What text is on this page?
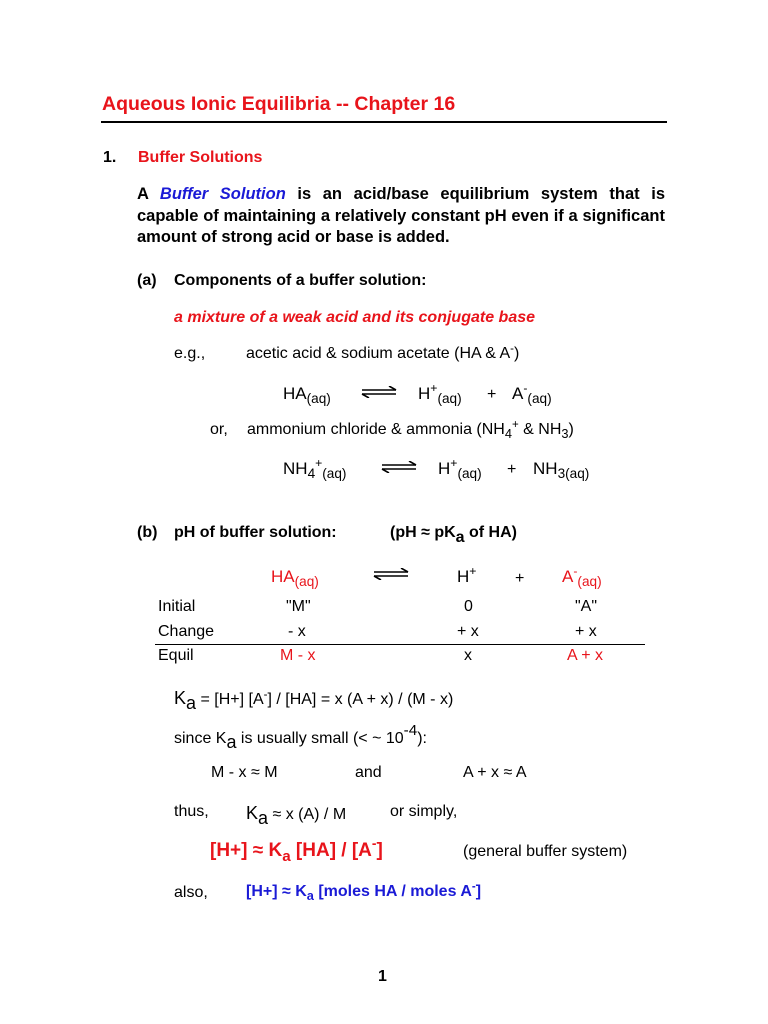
Aqueous Ionic Equilibria -- Chapter 16
1. Buffer Solutions
A Buffer Solution is an acid/base equilibrium system that is capable of maintaining a relatively constant pH even if a significant amount of strong acid or base is added.
(a) Components of a buffer solution:
a mixture of a weak acid and its conjugate base
e.g.,	acetic acid & sodium acetate (HA & A-)
$HA_{(aq)}$ ⇌ $H^+_{(aq)} + A^-_{(aq)}$
or, ammonium chloride & ammonia ($NH_4^+$ & $NH_3$)
$NH_4^+_{(aq)}$ ⇌ $H^+_{(aq)} + NH_{3(aq)}$
(b) pH of buffer solution:	(pH ≈ pKa of HA)
$HA_{(aq)}$	$H^+ + A^-_{(aq)}$
Initial	"M"	0	"A"
Change	- x	+ x	+ x
Equil	M - x	x	A + x
Ka = [H+] [A-] / [HA] = x (A + x) / (M - x)
since Ka is usually small (< ~ 10-4):
M - x ≈ M	and	A + x ≈ A
thus, Ka ≈ x (A) / M	or simply,
$[H+] \approx K_a$ [HA] / [A-]	(general buffer system)
also, $[H+] \approx K_a$ [moles HA / moles A-]
1
